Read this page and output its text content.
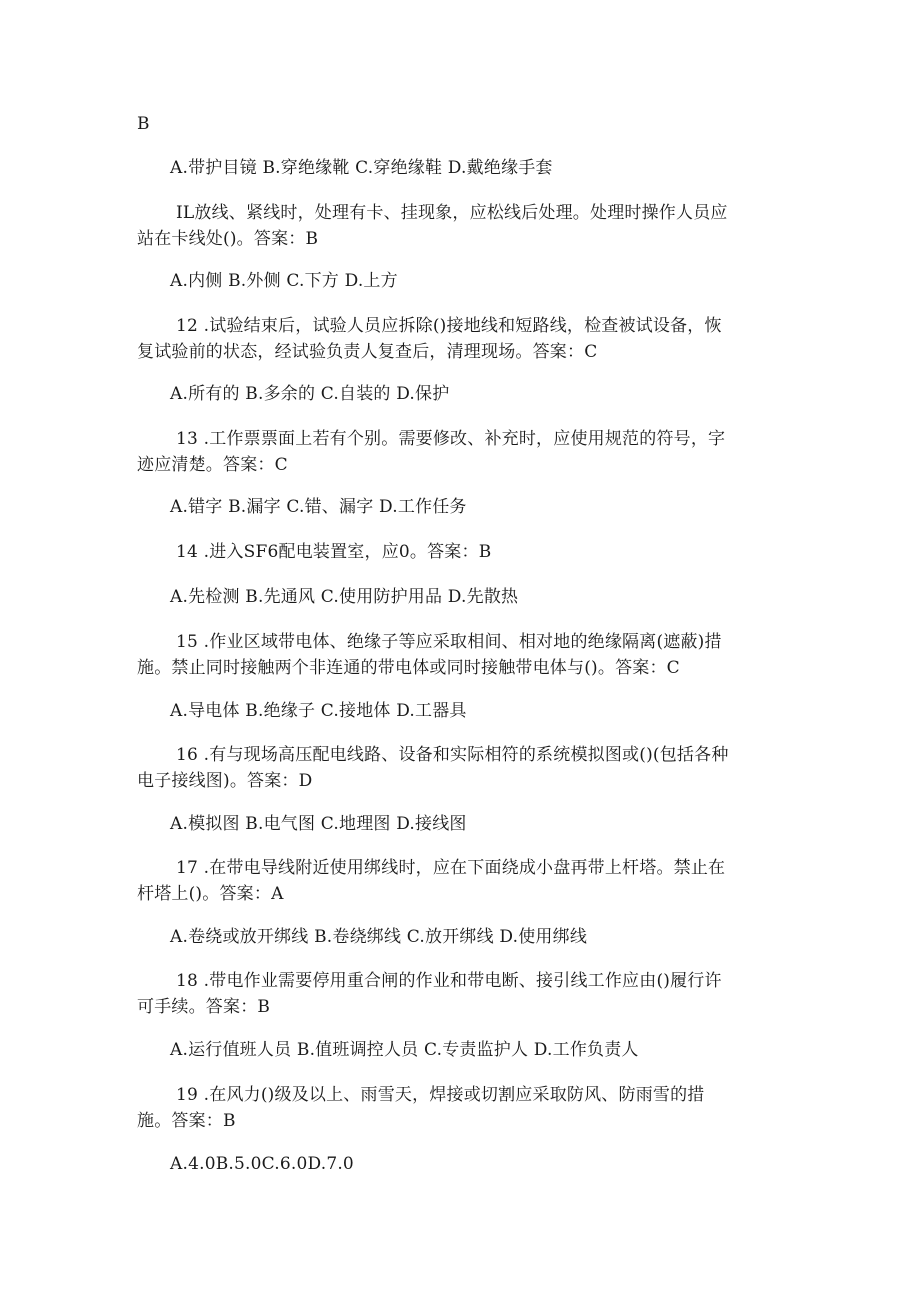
B
A.带护目镜 B.穿绝缘靴 C.穿绝缘鞋 D.戴绝缘手套
IL放线、紧线时，处理有卡、挂现象，应松线后处理。处理时操作人员应
站在卡线处()。答案：B
A.内侧 B.外侧 C.下方 D.上方
12 .试验结束后，试验人员应拆除()接地线和短路线，检查被试设备，恢
复试验前的状态，经试验负责人复查后，清理现场。答案：C
A.所有的 B.多余的 C.自装的 D.保护
13 .工作票票面上若有个别。需要修改、补充时，应使用规范的符号，字
迹应清楚。答案：C
A.错字 B.漏字 C.错、漏字 D.工作任务
14 .进入SF6配电装置室，应0。答案：B
A.先检测 B.先通风 C.使用防护用品 D.先散热
15 .作业区域带电体、绝缘子等应采取相间、相对地的绝缘隔离(遮蔽)措
施。禁止同时接触两个非连通的带电体或同时接触带电体与()。答案：C
A.导电体 B.绝缘子 C.接地体 D.工器具
16 .有与现场高压配电线路、设备和实际相符的系统模拟图或()(包括各种
电子接线图)。答案：D
A.模拟图 B.电气图 C.地理图 D.接线图
17 .在带电导线附近使用绑线时，应在下面绕成小盘再带上杆塔。禁止在
杆塔上()。答案：A
A.卷绕或放开绑线 B.卷绕绑线 C.放开绑线 D.使用绑线
18 .带电作业需要停用重合闸的作业和带电断、接引线工作应由()履行许
可手续。答案：B
A.运行值班人员 B.值班调控人员 C.专责监护人 D.工作负责人
19 .在风力()级及以上、雨雪天，焊接或切割应采取防风、防雨雪的措
施。答案：B
A.4.0B.5.0C.6.0D.7.0
